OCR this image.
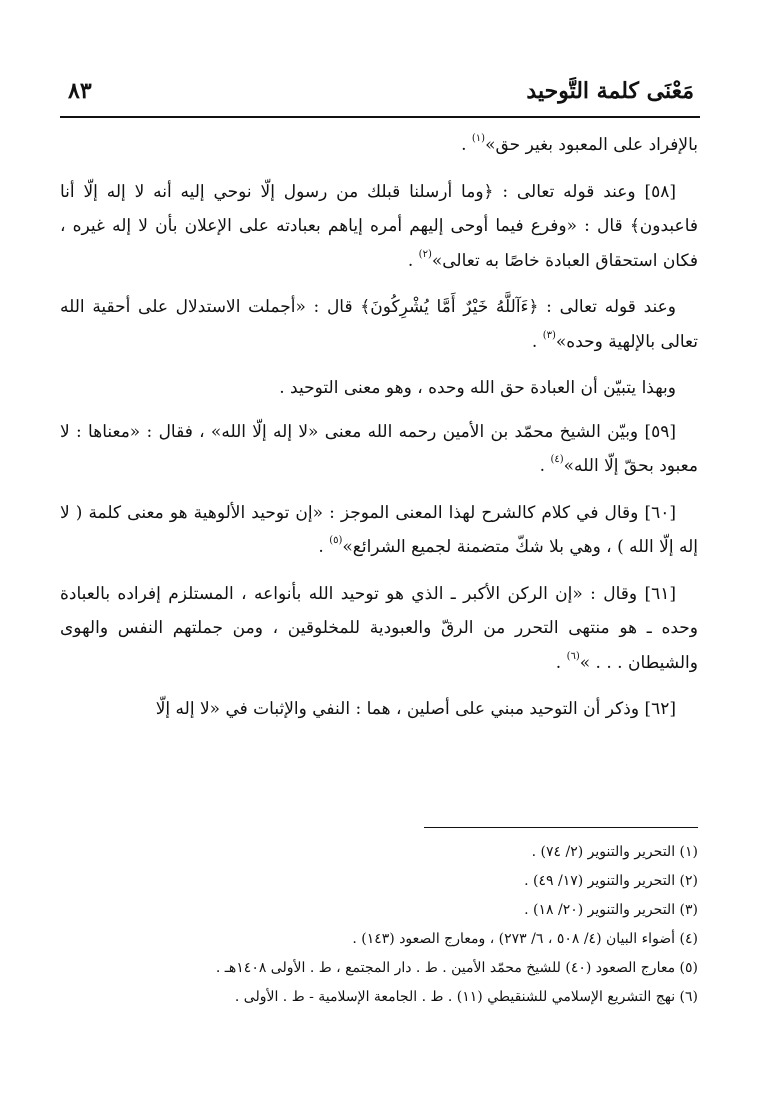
مَعْنَى كلمة التَّوحيد
٨٣

بالإفراد على المعبود بغير حق»$^{(١)}$ .

[٥٨] وعند قوله تعالى : ﴿وما أرسلنا قبلك من رسول إلّا نوحي إليه أنه لا إله إلّا أنا فاعبدون﴾ قال : «وفرع فيما أوحى إليهم أمره إياهم بعبادته على الإعلان بأن لا إله غيره ، فكان استحقاق العبادة خاصًا به تعالى»$^{(٢)}$ .

وعند قوله تعالى : ﴿ءَآللَّهُ خَيْرٌ أَمَّا يُشْرِكُونَ﴾ قال : «أجملت الاستدلال على أحقية الله تعالى بالإلهية وحده»$^{(٣)}$ .

وبهذا يتبيّن أن العبادة حق الله وحده ، وهو معنى التوحيد .

[٥٩] وبيّن الشيخ محمّد بن الأمين رحمه الله معنى «لا إله إلّا الله» ، فقال : «معناها : لا معبود بحقّ إلّا الله»$^{(٤)}$ .

[٦٠] وقال في كلام كالشرح لهذا المعنى الموجز : «إن توحيد الألوهية هو معنى كلمة ( لا إله إلّا الله ) ، وهي بلا شكّ متضمنة لجميع الشرائع»$^{(٥)}$ .

[٦١] وقال : «إن الركن الأكبر ـ الذي هو توحيد الله بأنواعه ، المستلزم إفراده بالعبادة وحده ـ هو منتهى التحرر من الرقّ والعبودية للمخلوقين ، ومن جملتهم النفس والهوى والشيطان . . . »$^{(٦)}$ .

[٦٢] وذكر أن التوحيد مبني على أصلين ، هما : النفي والإثبات في «لا إله إلّا

(١) التحرير والتنوير (٢/ ٧٤) .

(٢) التحرير والتنوير (١٧/ ٤٩) .

(٣) التحرير والتنوير (٢٠/ ١٨) .

(٤) أضواء البيان (٤/ ٥٠٨ ، ٦/ ٢٧٣) ، ومعارج الصعود (١٤٣) .

(٥) معارج الصعود (٤٠) للشيخ محمّد الأمين . ط . دار المجتمع ، ط . الأولى ١٤٠٨هـ .

(٦) نهج التشريع الإسلامي للشنقيطي (١١) . ط . الجامعة الإسلامية - ط . الأولى .
